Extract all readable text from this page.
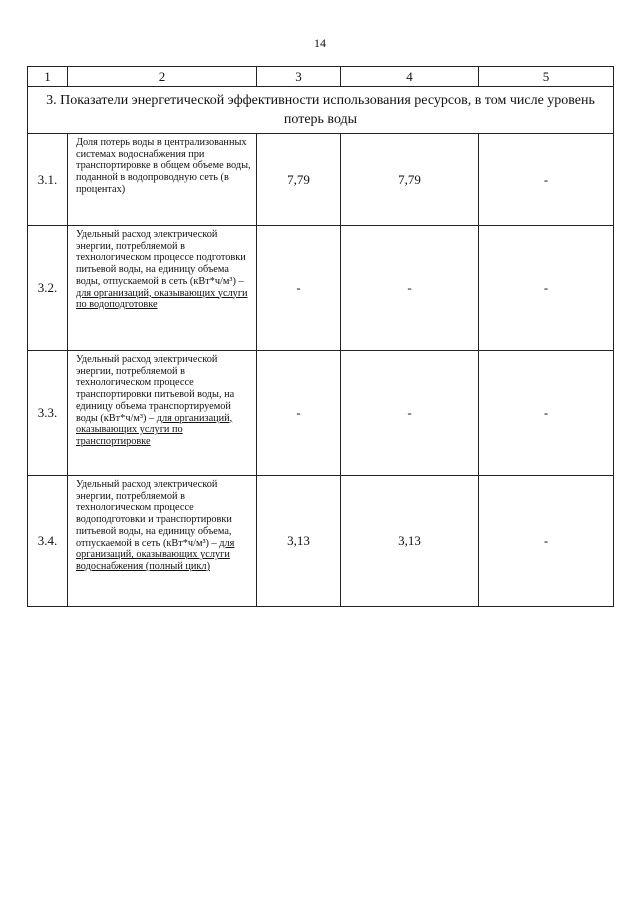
14
1	2	3	4	5
3. Показатели энергетической эффективности использования ресурсов, в том числе уровень потерь воды				
3.1.	Доля потерь воды в централизованных системах водоснабжения при транспортировке в общем объеме воды, поданной в водопроводную сеть (в процентах)	7,79	7,79	-
3.2.	Удельный расход электрической энергии, потребляемой в технологическом процессе подготовки питьевой воды, на единицу объема воды, отпускаемой в сеть (кВт*ч/м³) – для организаций, оказывающих услуги по водоподготовке	-	-	-
3.3.	Удельный расход электрической энергии, потребляемой в технологическом процессе транспортировки питьевой воды, на единицу объема транспортируемой воды (кВт*ч/м³) – для организаций, оказывающих услуги по транспортировке	-	-	-
3.4.	Удельный расход электрической энергии, потребляемой в технологическом процессе водоподготовки и транспортировки питьевой воды, на единицу объема, отпускаемой в сеть (кВт*ч/м³) – для организаций, оказывающих услуги водоснабжения (полный цикл)	3,13	3,13	-
